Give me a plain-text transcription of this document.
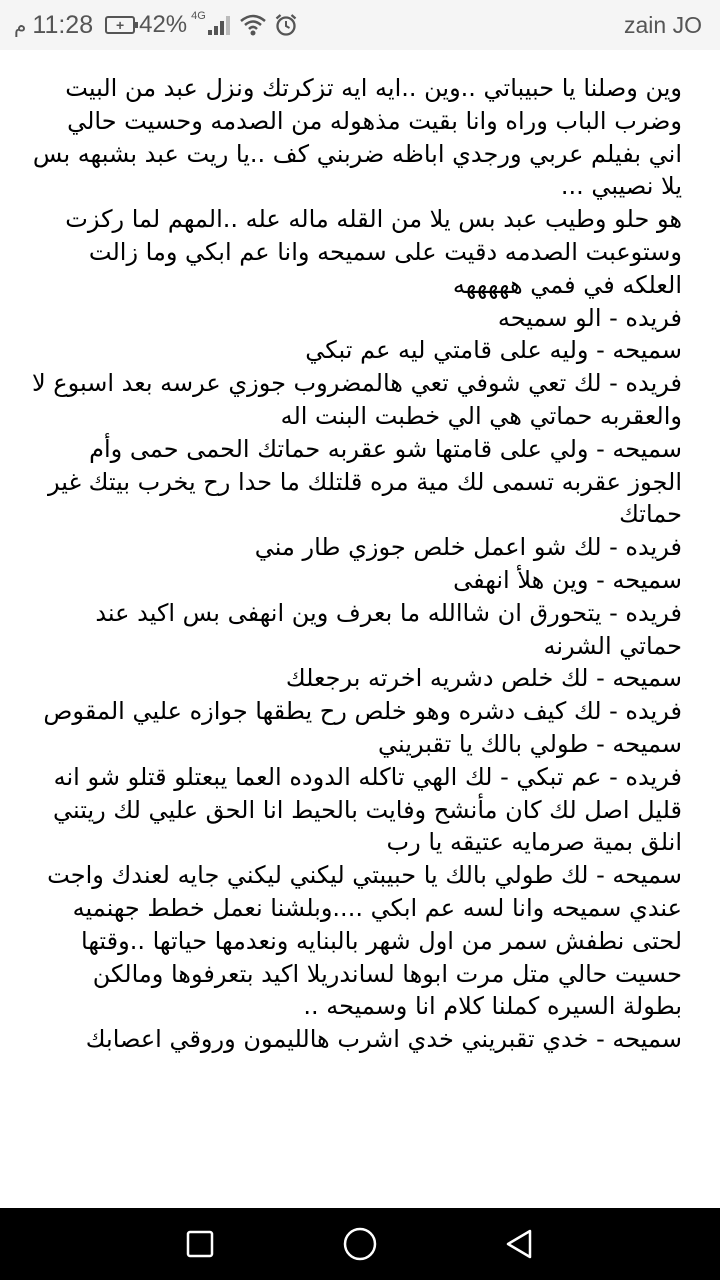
م 11:28 + 42% 4G	zain JO
وين وصلنا يا حبيباتي ..وين ..ايه ايه تزكرتك ونزل عبد من البيت وضرب الباب وراه وانا بقيت مذهوله من الصدمه وحسيت حالي اني بفيلم عربي ورجدي اباظه ضربني كف ..يا ريت عبد بشبهه بس يلا نصيبي ...
هو حلو وطيب عبد بس يلا من القله ماله عله ..المهم لما ركزت وستوعبت الصدمه دقيت على سميحه وانا عم ابكي وما زالت العلكه في فمي هههههه
فريده - الو سميحه
سميحه - وليه على قامتي ليه عم تبكي
فريده - لك تعي شوفي تعي هالمضروب جوزي عرسه بعد اسبوع لا والعقربه حماتي هي الي خطبت البنت اله
سميحه - ولي على قامتها شو عقربه حماتك الحمى حمى وأم الجوز عقربه تسمى لك مية مره قلتلك ما حدا رح يخرب بيتك غير حماتك
فريده - لك شو اعمل خلص جوزي طار مني
سميحه - وين هلأ انهفى
فريده - يتحورق ان شاالله ما بعرف وين انهفى بس اكيد عند حماتي الشرنه
سميحه - لك خلص دشريه اخرته برجعلك
فريده - لك كيف دشره وهو خلص رح يطقها جوازه عليي المقوص
سميحه - طولي بالك يا تقبريني
فريده - عم تبكي - لك الهي تاكله الدوده العما يبعتلو قتلو شو انه قليل اصل لك كان مأنشح وفايت بالحيط انا الحق عليي لك ريتني انلق بمية صرمايه عتيقه يا رب
سميحه - لك طولي بالك يا حبيبتي ليكني ليكني جايه لعندك واجت عندي سميحه وانا لسه عم ابكي ....وبلشنا نعمل خطط جهنميه لحتى نطفش سمر من اول شهر بالبنايه ونعدمها حياتها ..وقتها حسيت حالي متل مرت ابوها لساندريلا اكيد بتعرفوها ومالكن بطولة السيره كملنا كلام انا وسميحه ..
سميحه - خدي تقبريني خدي اشرب هالليمون وروقي اعصابك
